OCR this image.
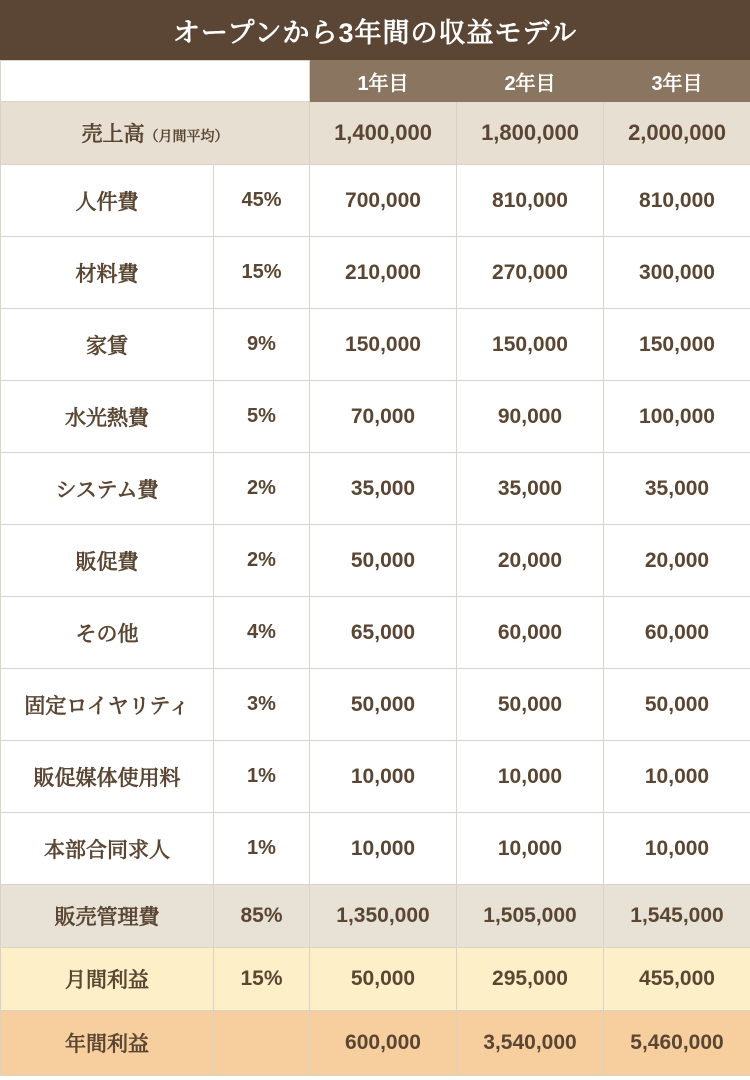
オープンから3年間の収益モデル
		1年目	2年目	3年目
売上高（月間平均）		1,400,000	1,800,000	2,000,000
人件費	45%	700,000	810,000	810,000
材料費	15%	210,000	270,000	300,000
家賃	9%	150,000	150,000	150,000
水光熱費	5%	70,000	90,000	100,000
システム費	2%	35,000	35,000	35,000
販促費	2%	50,000	20,000	20,000
その他	4%	65,000	60,000	60,000
固定ロイヤリティ	3%	50,000	50,000	50,000
販促媒体使用料	1%	10,000	10,000	10,000
本部合同求人	1%	10,000	10,000	10,000
販売管理費	85%	1,350,000	1,505,000	1,545,000
月間利益	15%	50,000	295,000	455,000
年間利益		600,000	3,540,000	5,460,000
